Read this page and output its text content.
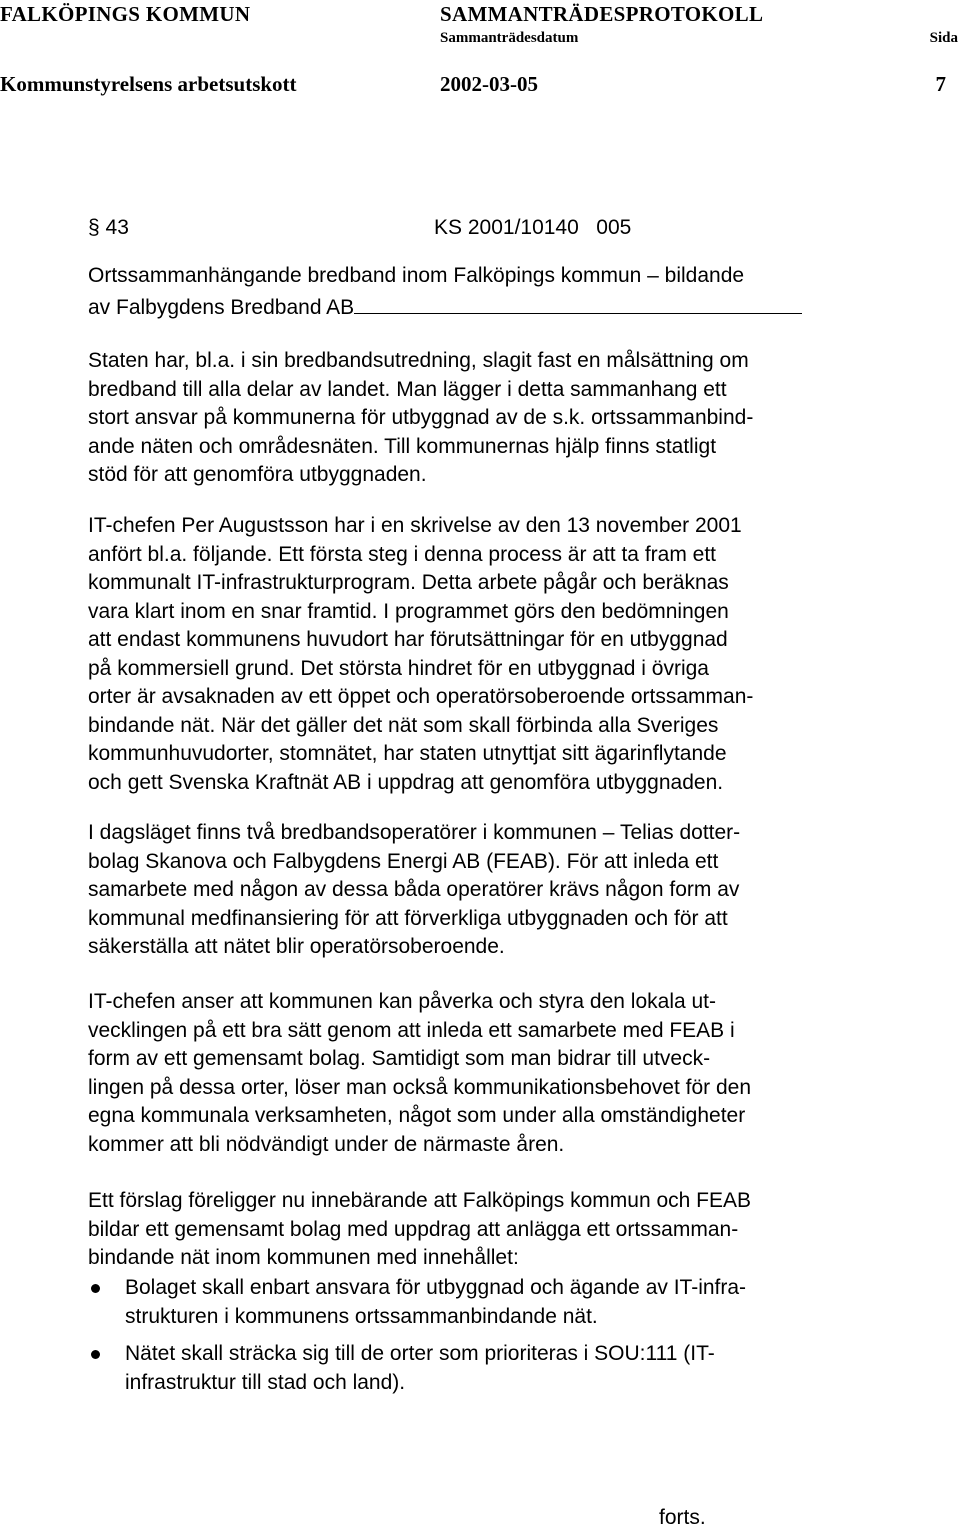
FALKÖPINGS KOMMUN	SAMMANTRÄDESPROTOKOLL
Sammanträdesdatum	Sida
Kommunstyrelsens arbetsutskott	2002-03-05	7
§ 43	KS 2001/10140   005
Ortssammanhängande bredband inom Falköpings kommun – bildande
av Falbygdens Bredband AB
Staten har, bl.a. i sin bredbandsutredning, slagit fast en målsättning om
bredband till alla delar av landet. Man lägger i detta sammanhang ett
stort ansvar på kommunerna för utbyggnad av de s.k. ortssammanbind-
ande näten och områdesnäten. Till kommunernas hjälp finns statligt
stöd för att genomföra utbyggnaden.
IT-chefen Per Augustsson har i en skrivelse av den 13 november 2001
anfört bl.a. följande. Ett första steg i denna process är att ta fram ett
kommunalt IT-infrastrukturprogram. Detta arbete pågår och beräknas
vara klart inom en snar framtid. I programmet görs den bedömningen
att endast kommunens huvudort har förutsättningar för en utbyggnad
på kommersiell grund. Det största hindret för en utbyggnad i övriga
orter är avsaknaden av ett öppet och operatörsoberoende ortssamman-
bindande nät. När det gäller det nät som skall förbinda alla Sveriges
kommunhuvudorter, stomnätet, har staten utnyttjat sitt ägarinflytande
och gett Svenska Kraftnät AB i uppdrag att genomföra utbyggnaden.
I dagsläget finns två bredbandsoperatörer i kommunen – Telias dotter-
bolag Skanova och Falbygdens Energi AB (FEAB). För att inleda ett
samarbete med någon av dessa båda operatörer krävs någon form av
kommunal medfinansiering för att förverkliga utbyggnaden och för att
säkerställa att nätet blir operatörsoberoende.
IT-chefen anser att kommunen kan påverka och styra den lokala ut-
vecklingen på ett bra sätt genom att inleda ett samarbete med FEAB i
form av ett gemensamt bolag. Samtidigt som man bidrar till utveck-
lingen på dessa orter, löser man också kommunikationsbehovet för den
egna kommunala verksamheten, något som under alla omständigheter
kommer att bli nödvändigt under de närmaste åren.
Ett förslag föreligger nu innebärande att Falköpings kommun och FEAB
bildar ett gemensamt bolag med uppdrag att anlägga ett ortssamman-
bindande nät inom kommunen med innehållet:
Bolaget skall enbart ansvara för utbyggnad och ägande av IT-infra-
strukturen i kommunens ortssammanbindande nät.
Nätet skall sträcka sig till de orter som prioriteras i SOU:111 (IT-
infrastruktur till stad och land).
forts.
